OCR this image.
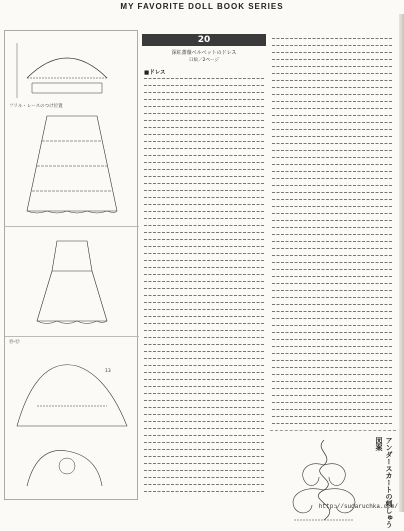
MY FAVORITE DOLL BOOK SERIES
フリル・レースのつけ位置
⑲-⑰
13
20
深紅薔薇ベルベットのドレス
口絵／2ページ
■ドレス
アンダースカートの刺しゅう図案
http://sudaruchka.com/
